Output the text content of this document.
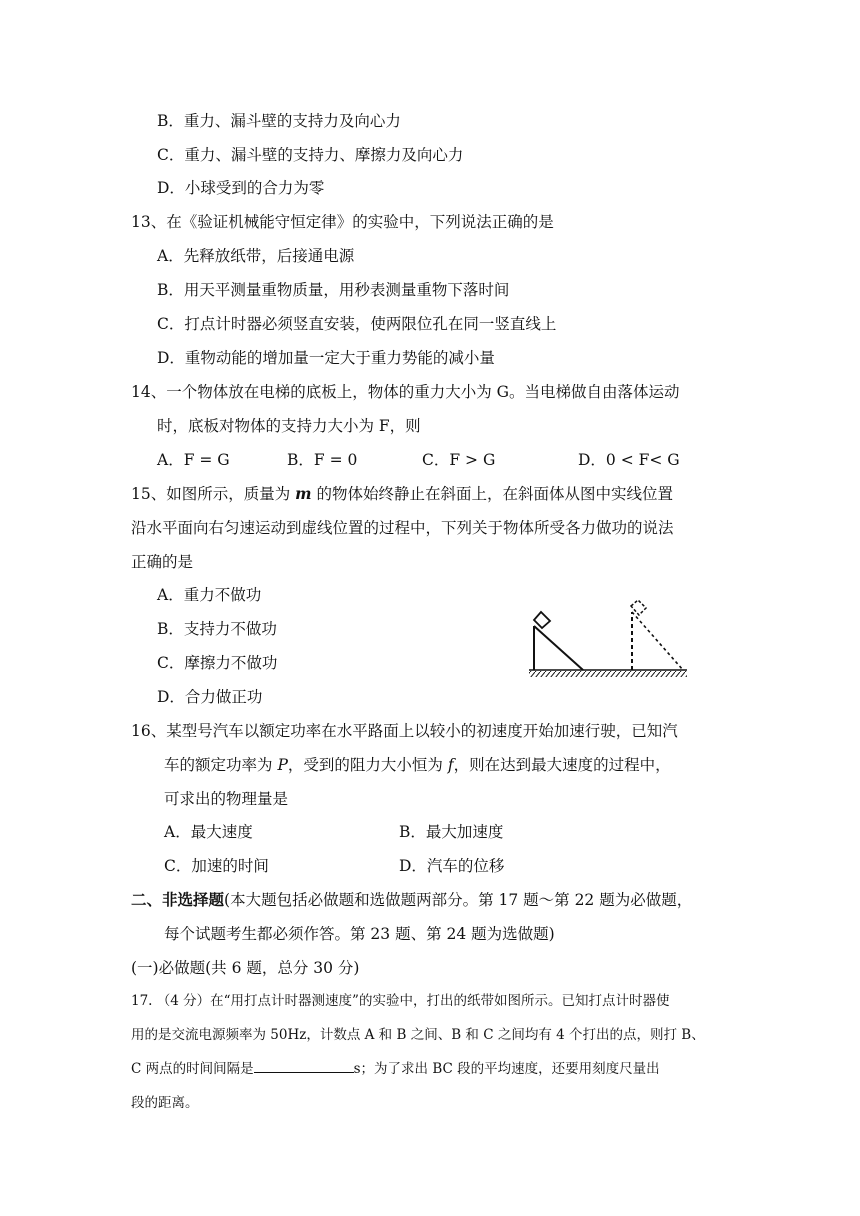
B．重力、漏斗壁的支持力及向心力
C．重力、漏斗壁的支持力、摩擦力及向心力
D．小球受到的合力为零
13、在《验证机械能守恒定律》的实验中，下列说法正确的是
A．先释放纸带，后接通电源
B．用天平测量重物质量，用秒表测量重物下落时间
C．打点计时器必须竖直安装，使两限位孔在同一竖直线上
D．重物动能的增加量一定大于重力势能的减小量
14、一个物体放在电梯的底板上，物体的重力大小为 G。当电梯做自由落体运动
时，底板对物体的支持力大小为 F，则
A．F = G	B．F = 0	C．F > G	D．0 < F< G
15、如图所示，质量为 m 的物体始终静止在斜面上，在斜面体从图中实线位置
沿水平面向右匀速运动到虚线位置的过程中，下列关于物体所受各力做功的说法
正确的是
A．重力不做功
B．支持力不做功
C．摩擦力不做功
D．合力做正功
16、某型号汽车以额定功率在水平路面上以较小的初速度开始加速行驶，已知汽
车的额定功率为 P，受到的阻力大小恒为 f，则在达到最大速度的过程中，
可求出的物理量是
A．最大速度	B．最大加速度
C．加速的时间	D．汽车的位移
二、非选择题(本大题包括必做题和选做题两部分。第 17 题～第 22 题为必做题，
每个试题考生都必须作答。第 23 题、第 24 题为选做题)
(一)必做题(共 6 题，总分 30 分)
17. （4 分）在“用打点计时器测速度”的实验中，打出的纸带如图所示。已知打点计时器使
用的是交流电源频率为 50Hz，计数点 A 和 B 之间、B 和 C 之间均有 4 个打出的点，则打 B、
C 两点的时间间隔是	s；为了求出 BC 段的平均速度，还要用刻度尺量出
段的距离。
